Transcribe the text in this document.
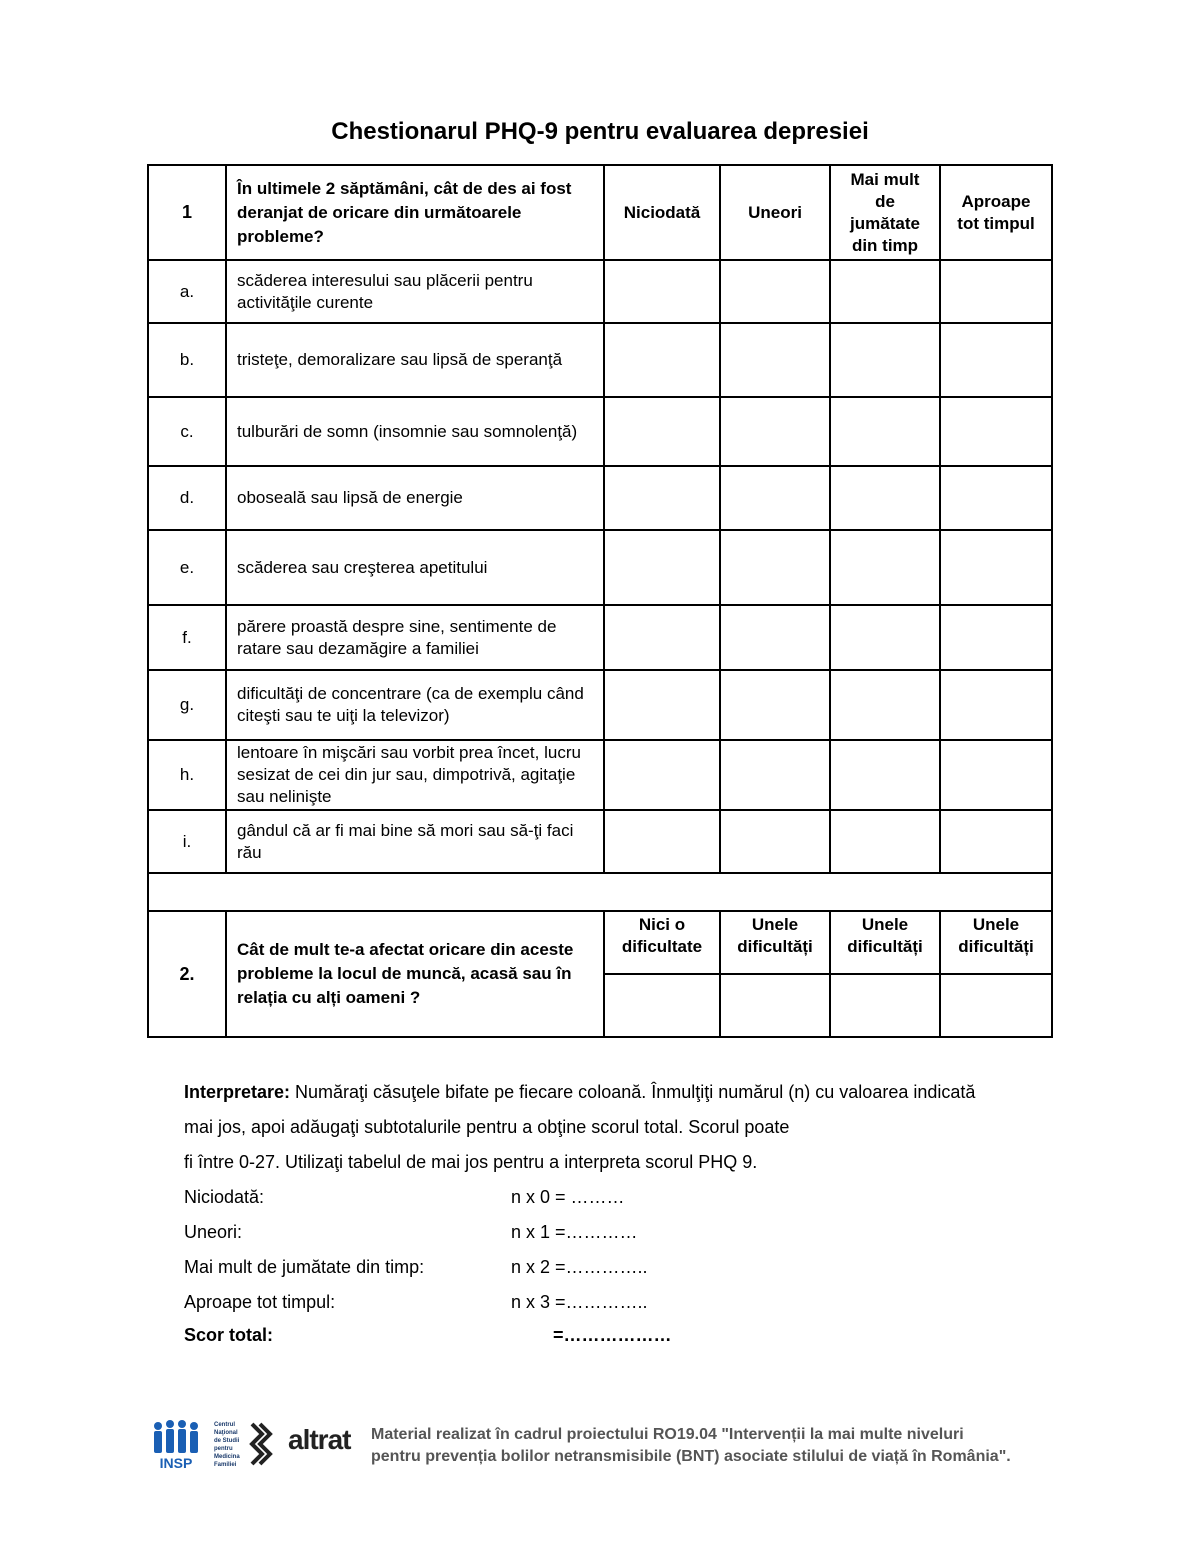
Chestionarul PHQ-9 pentru evaluarea depresiei
1	În ultimele 2 săptămâni, cât de des ai fost deranjat de oricare din următoarele probleme?	Niciodată	Uneori	Mai mult de jumătate din timp	Aproape tot timpul
a.	scăderea interesului sau plăcerii pentru activităţile curente				
b.	tristeţe, demoralizare sau lipsă de speranţă				
c.	tulburări de somn (insomnie sau somnolenţă)				
d.	oboseală sau lipsă de energie				
e.	scăderea sau creşterea apetitului				
f.	părere proastă despre sine, sentimente de ratare sau dezamăgire a familiei				
g.	dificultăţi de concentrare (ca de exemplu când citeşti sau te uiţi la televizor)				
h.	lentoare în mişcări sau vorbit prea încet, lucru sesizat de cei din jur sau, dimpotrivă, agitaţie sau nelinişte				
i.	gândul că ar fi mai bine să mori sau să-ţi faci rău				

2.	Cât de mult te-a afectat oricare din aceste probleme la locul de muncă, acasă sau în relația cu alți oameni ?	Nici o dificultate	Unele dificultăți	Unele dificultăți	Unele dificultăți

Interpretare: Număraţi căsuţele bifate pe fiecare coloană. Înmulţiţi numărul (n) cu valoarea indicată

mai jos, apoi adăugaţi subtotalurile pentru a obţine scorul total. Scorul poate

fi între 0-27. Utilizaţi tabelul de mai jos pentru a interpreta scorul PHQ 9.

Niciodată:	n x 0 = ………
Uneori:	n x 1 =…………
Mai mult de jumătate din timp:	n x 2 =…………..
Aproape tot timpul:	n x 3 =…………..
Scor total:	=………………
INSP
Centrul
Naţional
de Studii
pentru
Medicina
Familiei
altrat Material realizat în cadrul proiectului RO19.04 "Intervenții la mai multe niveluri
pentru prevenția bolilor netransmisibile (BNT) asociate stilului de viață în România".
